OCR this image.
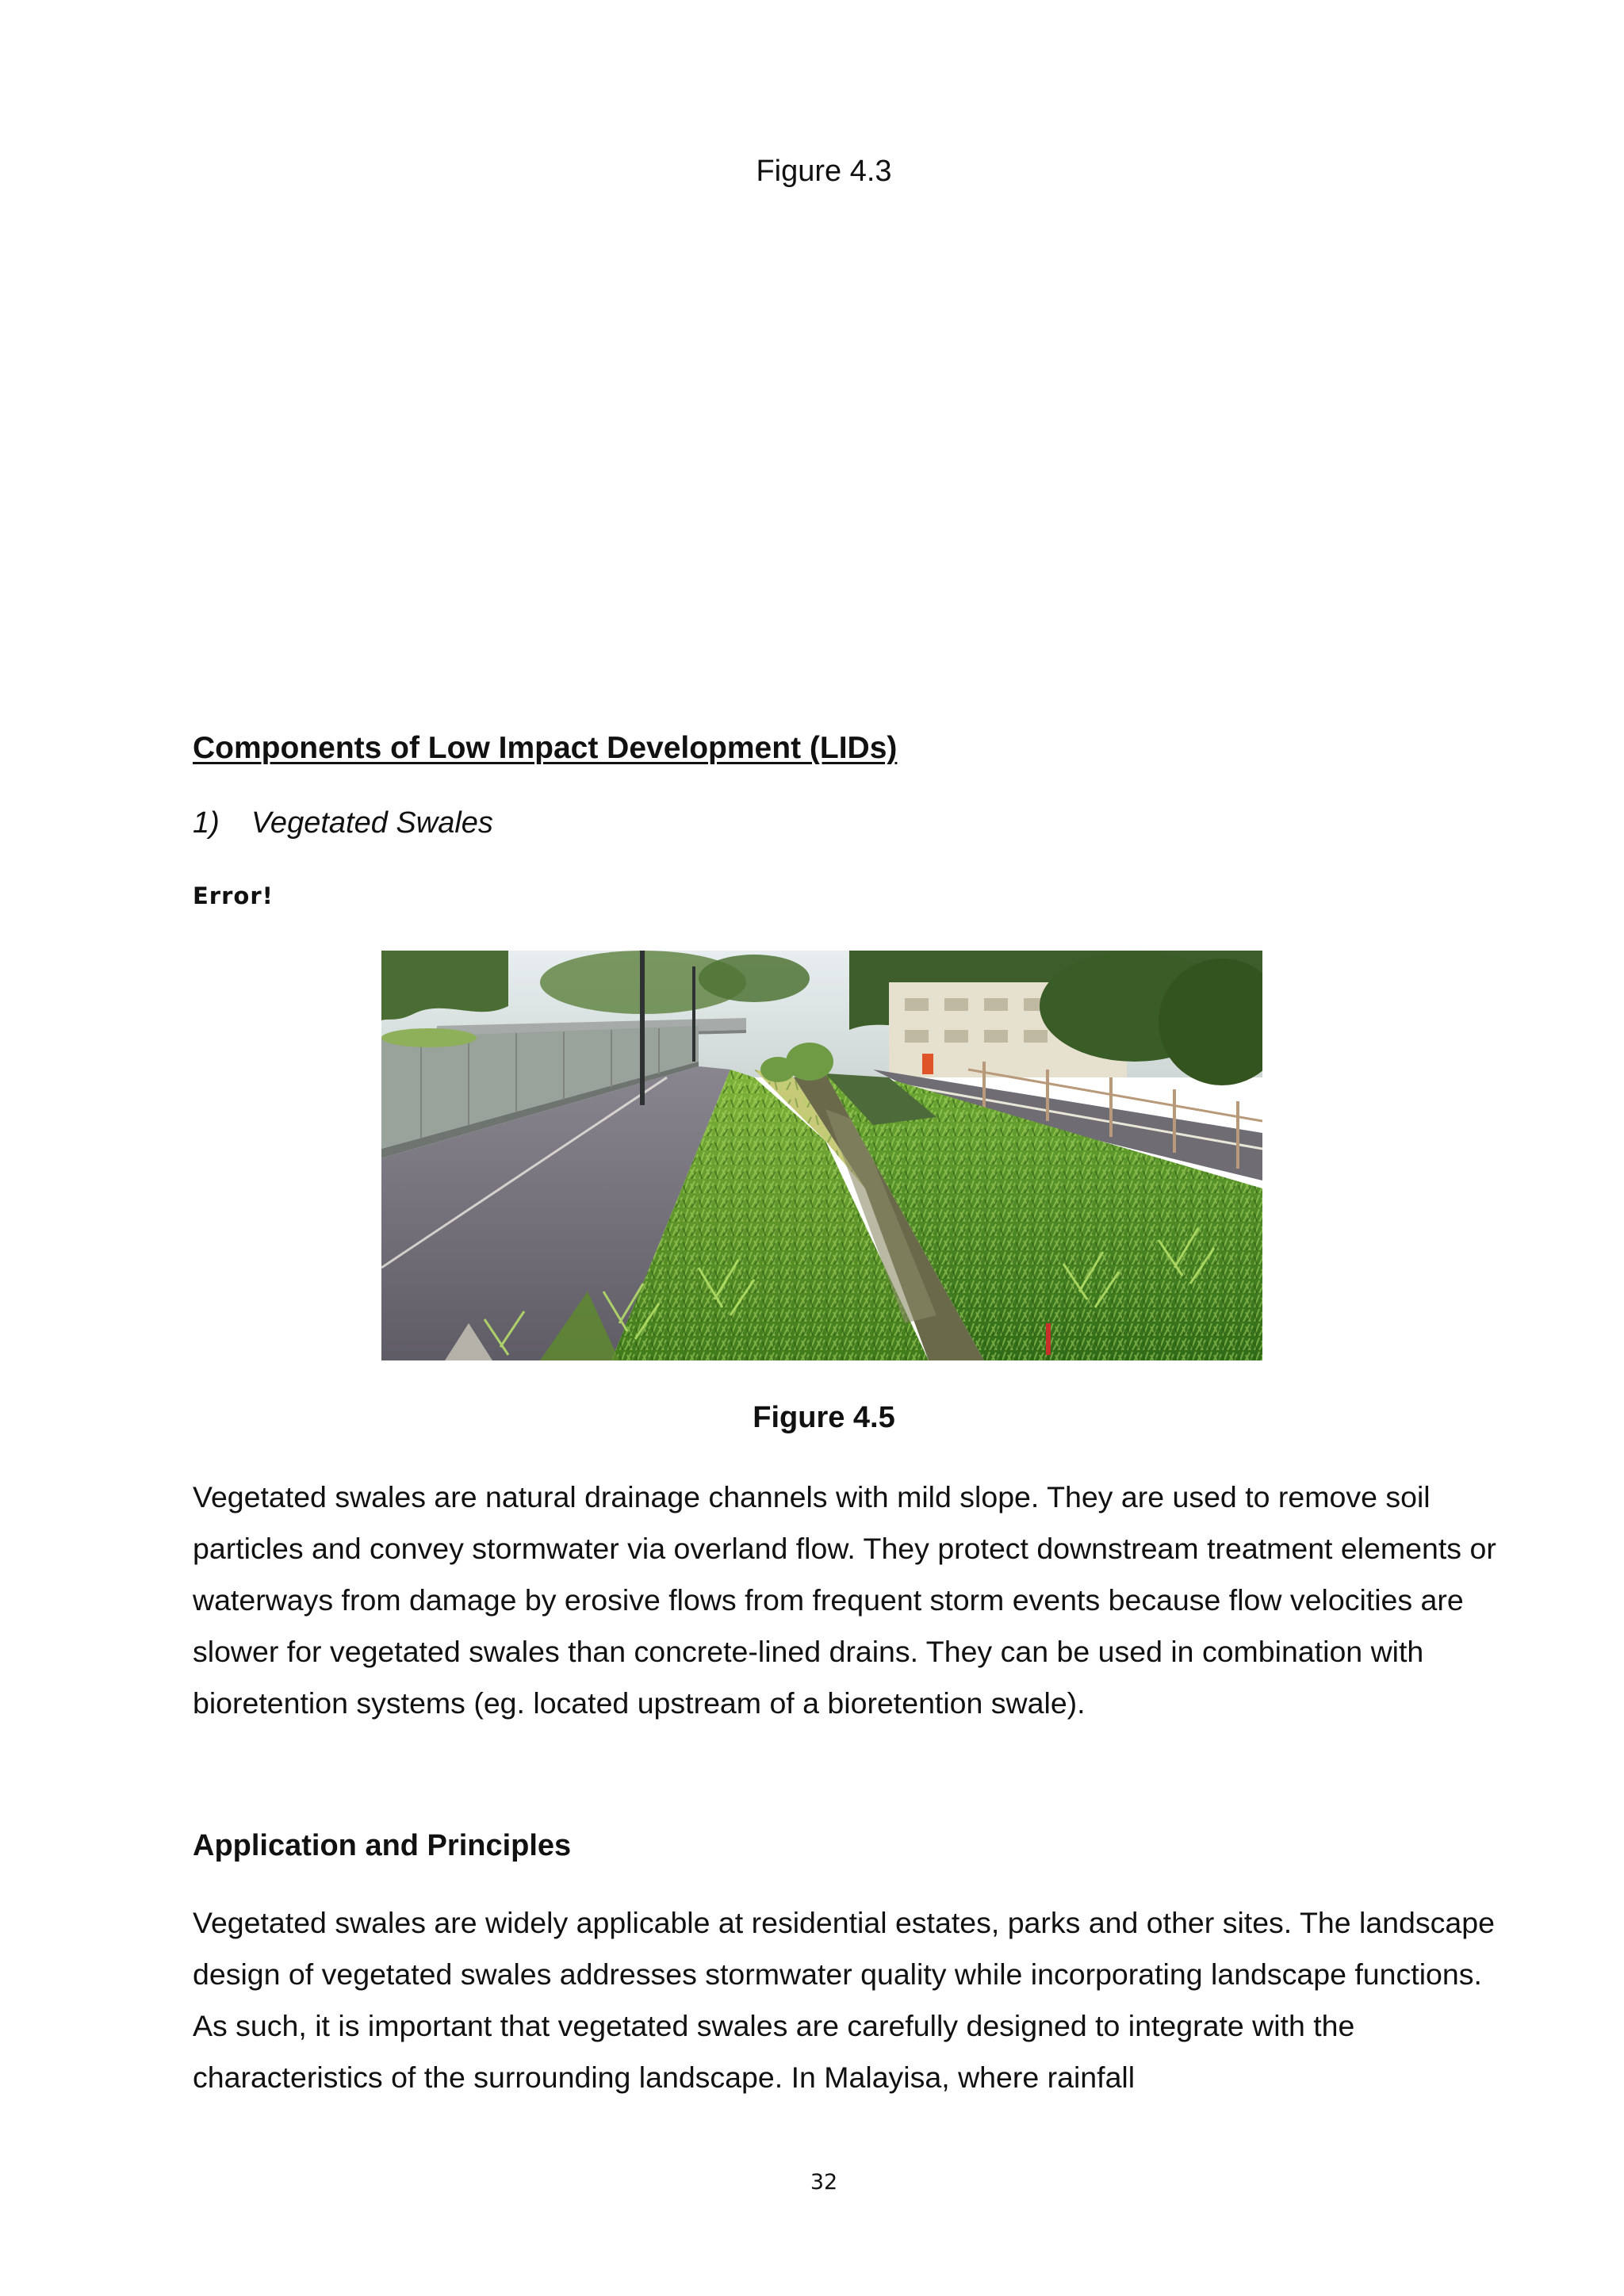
Figure 4.3
Components of Low Impact Development (LIDs)
1) Vegetated Swales
Error!
Figure 4.5

Vegetated swales are natural drainage channels with mild slope. They are used to remove soil particles and convey stormwater via overland flow. They protect downstream treatment elements or waterways from damage by erosive flows from frequent storm events because flow velocities are slower for vegetated swales than concrete-lined drains. They can be used in combination with bioretention systems (eg. located upstream of a bioretention swale).

Application and Principles

Vegetated swales are widely applicable at residential estates, parks and other sites. The landscape design of vegetated swales addresses stormwater quality while incorporating landscape functions. As such, it is important that vegetated swales are carefully designed to integrate with the characteristics of the surrounding landscape. In Malayisa, where rainfall

32
